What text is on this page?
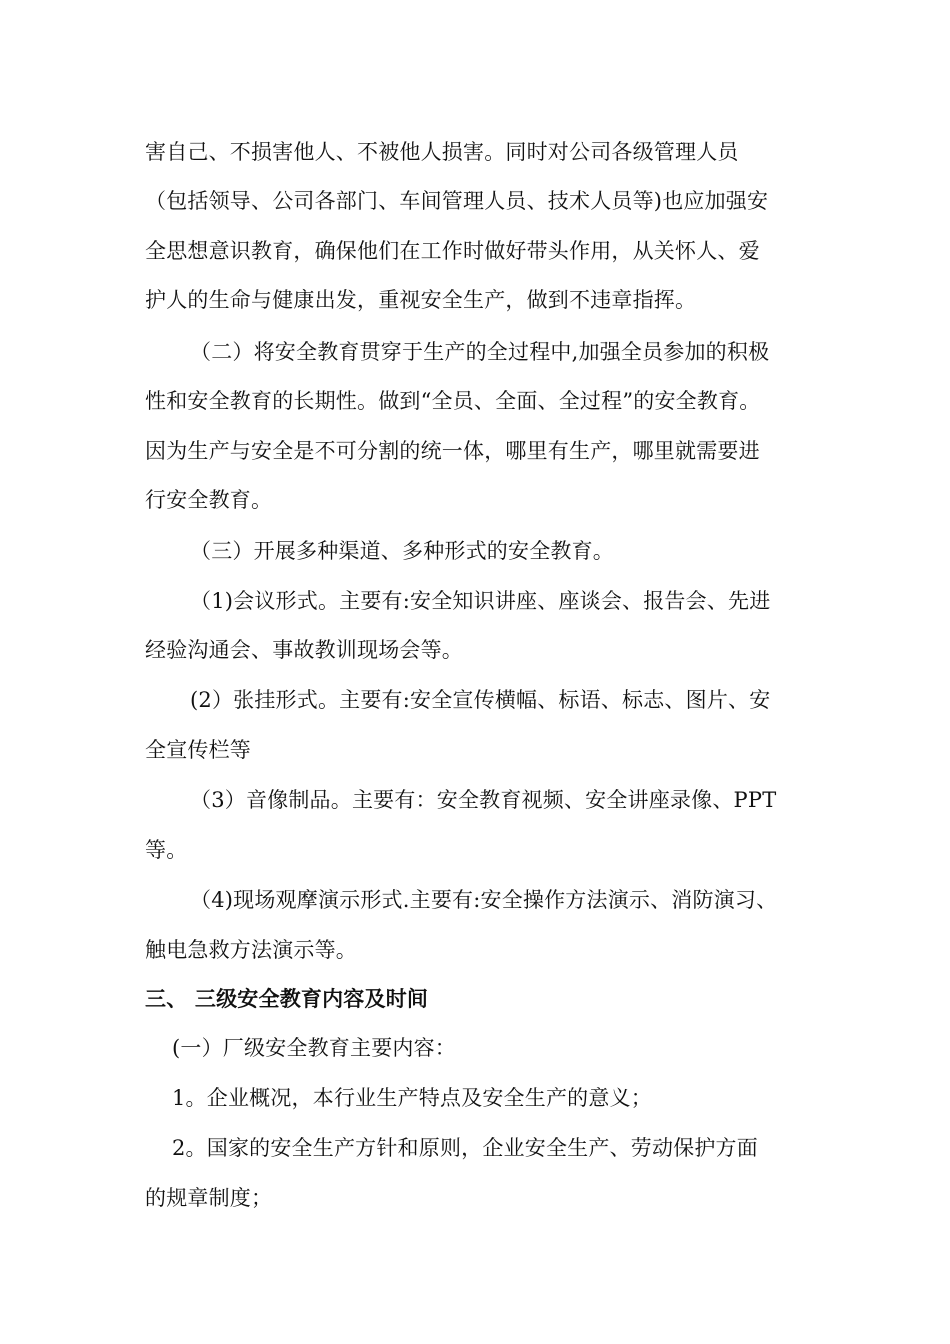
害自己、不损害他人、不被他人损害。同时对公司各级管理人员
（包括领导、公司各部门、车间管理人员、技术人员等)也应加强安
全思想意识教育，确保他们在工作时做好带头作用，从关怀人、爱
护人的生命与健康出发，重视安全生产，做到不违章指挥。
（二）将安全教育贯穿于生产的全过程中,加强全员参加的积极
性和安全教育的长期性。做到“全员、全面、全过程”的安全教育。
因为生产与安全是不可分割的统一体，哪里有生产，哪里就需要进
行安全教育。
（三）开展多种渠道、多种形式的安全教育。
（1)会议形式。主要有:安全知识讲座、座谈会、报告会、先进
经验沟通会、事故教训现场会等。
(2）张挂形式。主要有:安全宣传横幅、标语、标志、图片、安
全宣传栏等
（3）音像制品。主要有：安全教育视频、安全讲座录像、PPT
等。
（4)现场观摩演示形式.主要有:安全操作方法演示、消防演习、
触电急救方法演示等。
三、 三级安全教育内容及时间
(一）厂级安全教育主要内容：
1。企业概况，本行业生产特点及安全生产的意义；
2。国家的安全生产方针和原则，企业安全生产、劳动保护方面
的规章制度；
